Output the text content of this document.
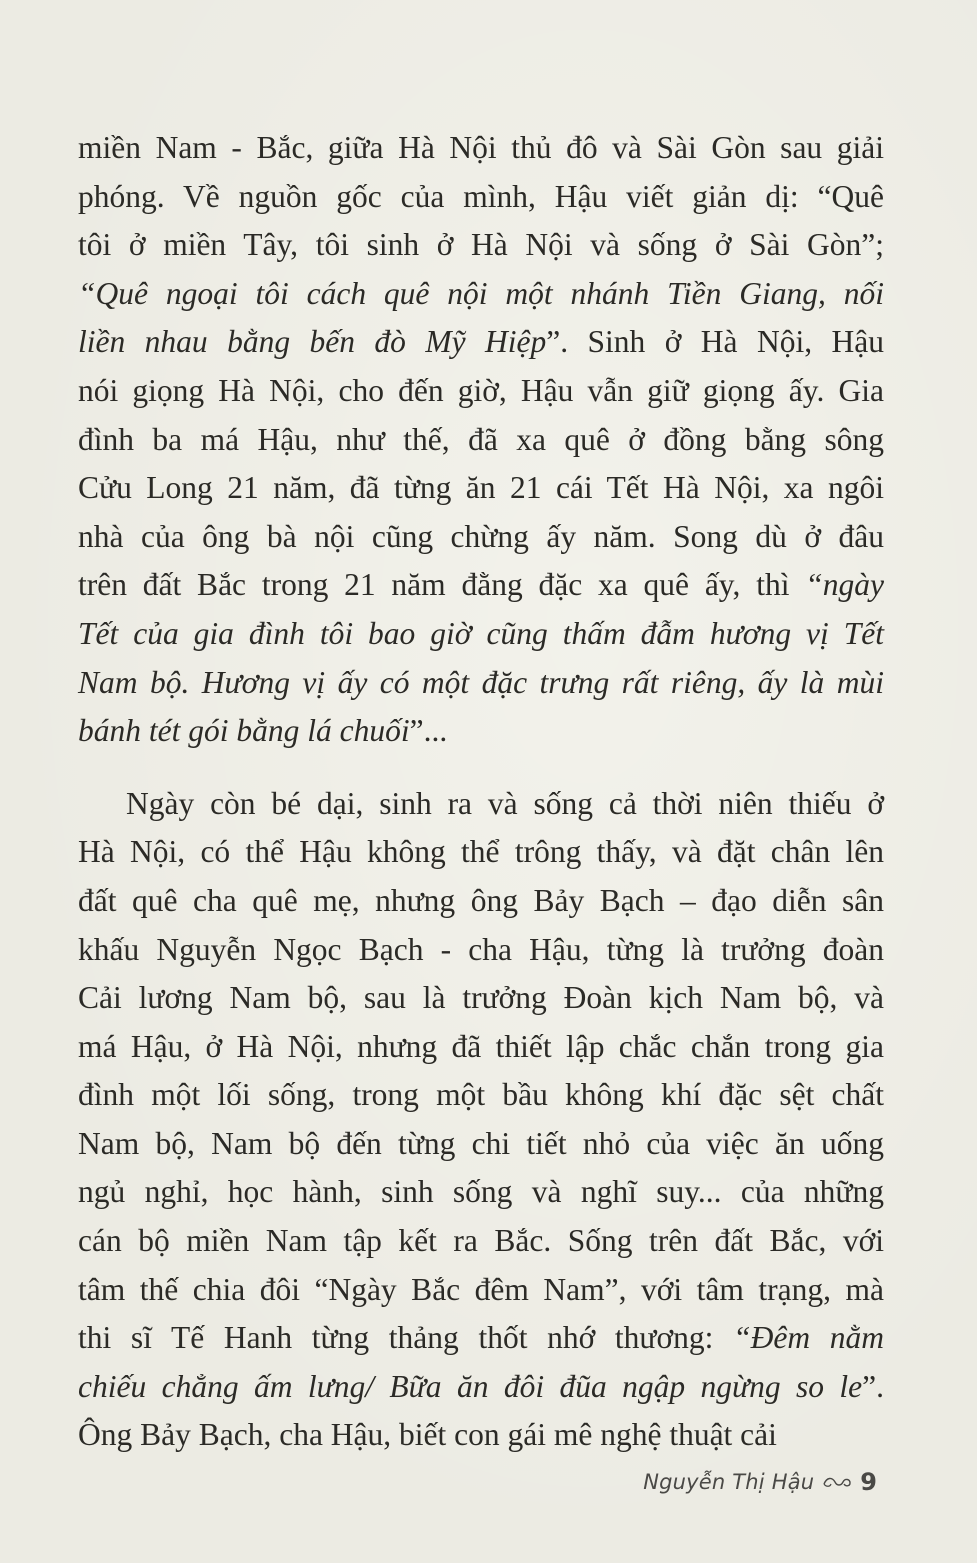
miền Nam - Bắc, giữa Hà Nội thủ đô và Sài Gòn sau giải
phóng. Về nguồn gốc của mình, Hậu viết giản dị: “Quê
tôi ở miền Tây, tôi sinh ở Hà Nội và sống ở Sài Gòn”;
“Quê ngoại tôi cách quê nội một nhánh Tiền Giang, nối
liền nhau bằng bến đò Mỹ Hiệp”. Sinh ở Hà Nội, Hậu
nói giọng Hà Nội, cho đến giờ, Hậu vẫn giữ giọng ấy. Gia
đình ba má Hậu, như thế, đã xa quê ở đồng bằng sông
Cửu Long 21 năm, đã từng ăn 21 cái Tết Hà Nội, xa ngôi
nhà của ông bà nội cũng chừng ấy năm. Song dù ở đâu
trên đất Bắc trong 21 năm đằng đặc xa quê ấy, thì “ngày
Tết của gia đình tôi bao giờ cũng thấm đẫm hương vị Tết
Nam bộ. Hương vị ấy có một đặc trưng rất riêng, ấy là mùi
bánh tét gói bằng lá chuối”...
Ngày còn bé dại, sinh ra và sống cả thời niên thiếu ở
Hà Nội, có thể Hậu không thể trông thấy, và đặt chân lên
đất quê cha quê mẹ, nhưng ông Bảy Bạch – đạo diễn sân
khấu Nguyễn Ngọc Bạch - cha Hậu, từng là trưởng đoàn
Cải lương Nam bộ, sau là trưởng Đoàn kịch Nam bộ, và
má Hậu, ở Hà Nội, nhưng đã thiết lập chắc chắn trong gia
đình một lối sống, trong một bầu không khí đặc sệt chất
Nam bộ, Nam bộ đến từng chi tiết nhỏ của việc ăn uống
ngủ nghỉ, học hành, sinh sống và nghĩ suy... của những
cán bộ miền Nam tập kết ra Bắc. Sống trên đất Bắc, với
tâm thế chia đôi “Ngày Bắc đêm Nam”, với tâm trạng, mà
thi sĩ Tế Hanh từng thảng thốt nhớ thương: “Đêm nằm
chiếu chẳng ấm lưng/ Bữa ăn đôi đũa ngập ngừng so le”.
Ông Bảy Bạch, cha Hậu, biết con gái mê nghệ thuật cải
Nguyễn Thị Hậu 9
